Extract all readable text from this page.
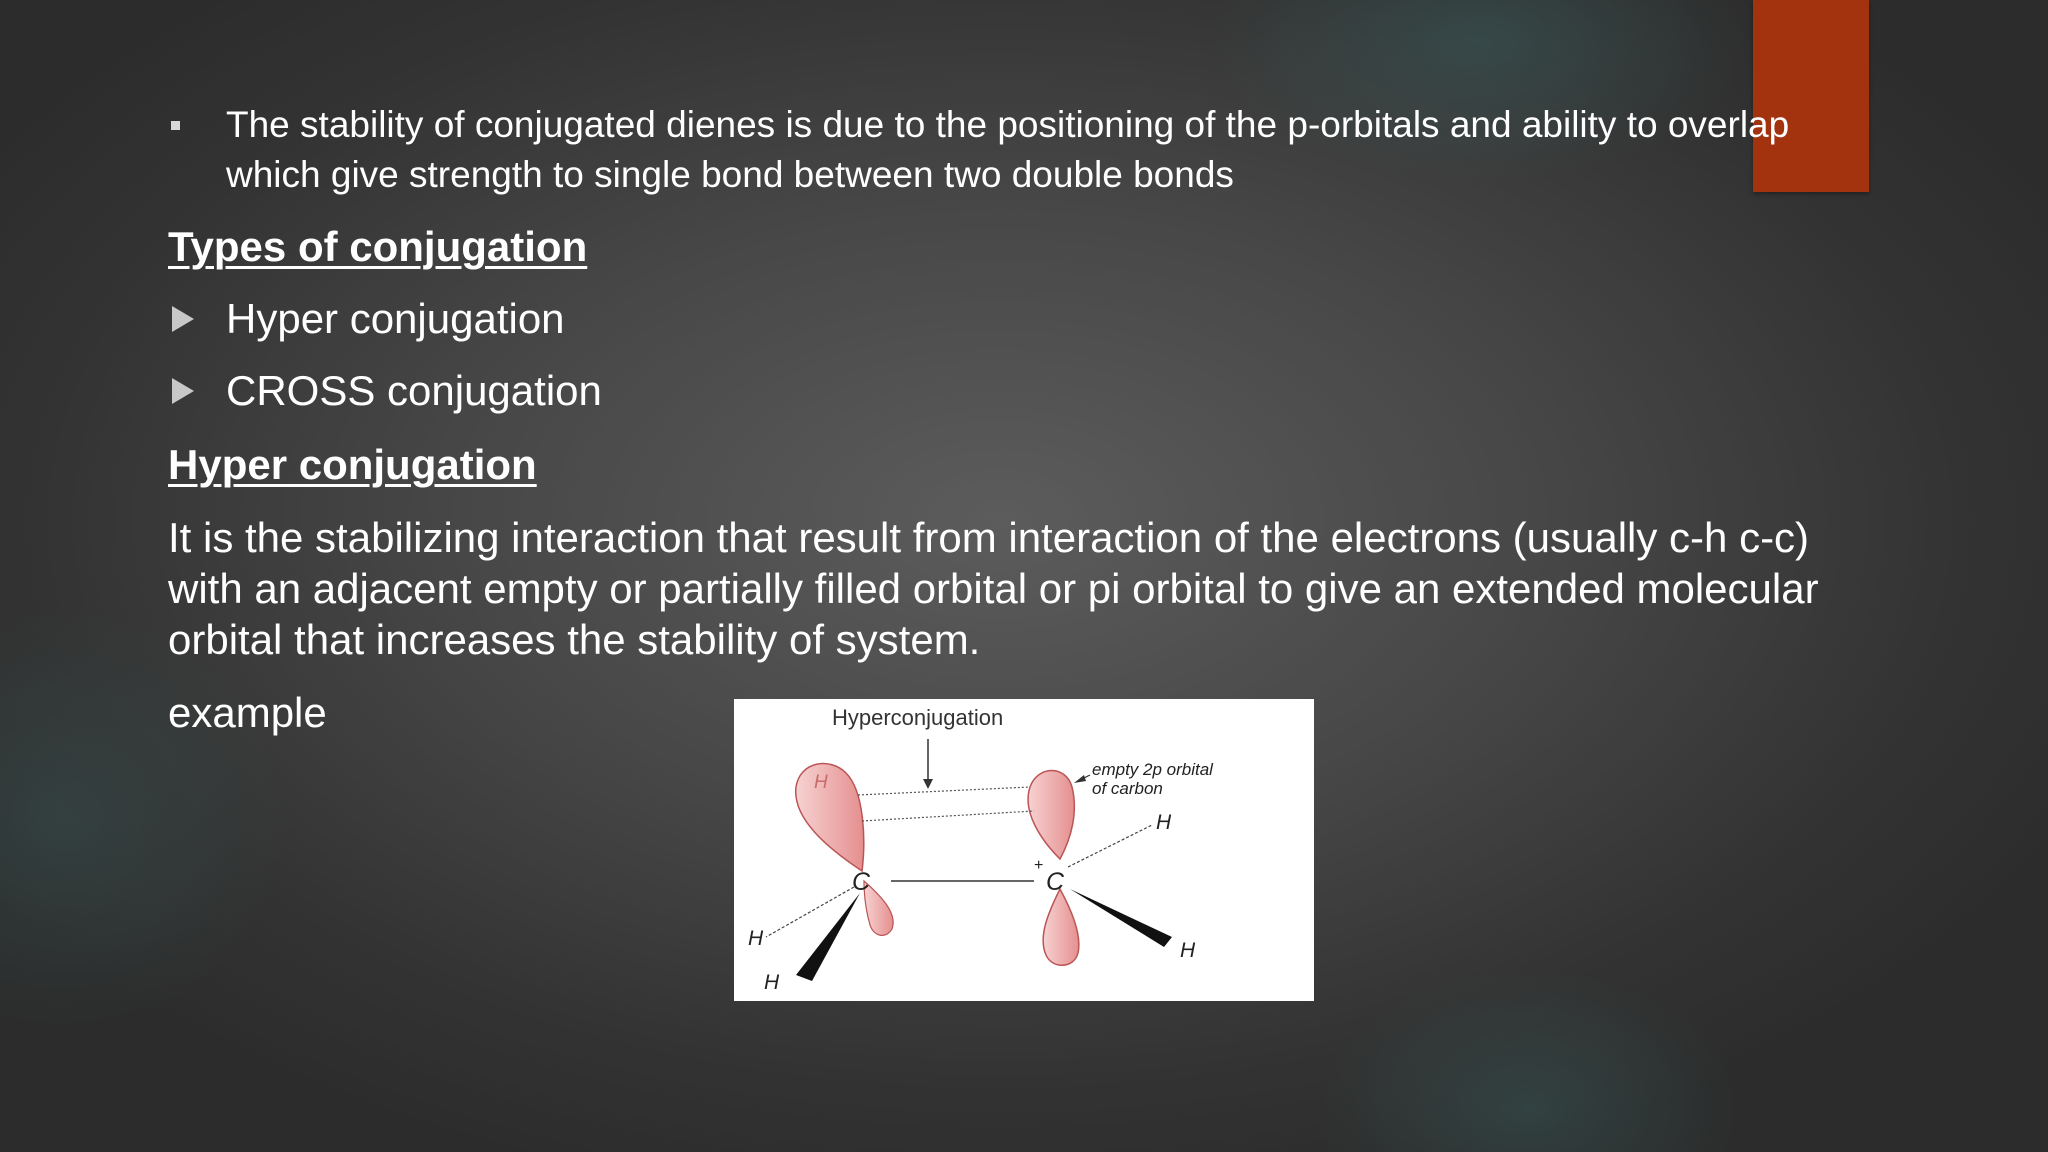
The stability of conjugated dienes is due to the positioning of the p-orbitals and ability to overlap which give strength to single bond between two double bonds
Types of conjugation
Hyper conjugation
CROSS conjugation
Hyper conjugation
It is the stabilizing interaction that result from interaction of the electrons (usually c-h c-c) with an adjacent empty or partially filled orbital or pi orbital to give an extended molecular orbital that increases the stability of system.
example	Hyperconjugation
H
C	C
+
H
H
H
H
empty 2p orbital
of carbon
